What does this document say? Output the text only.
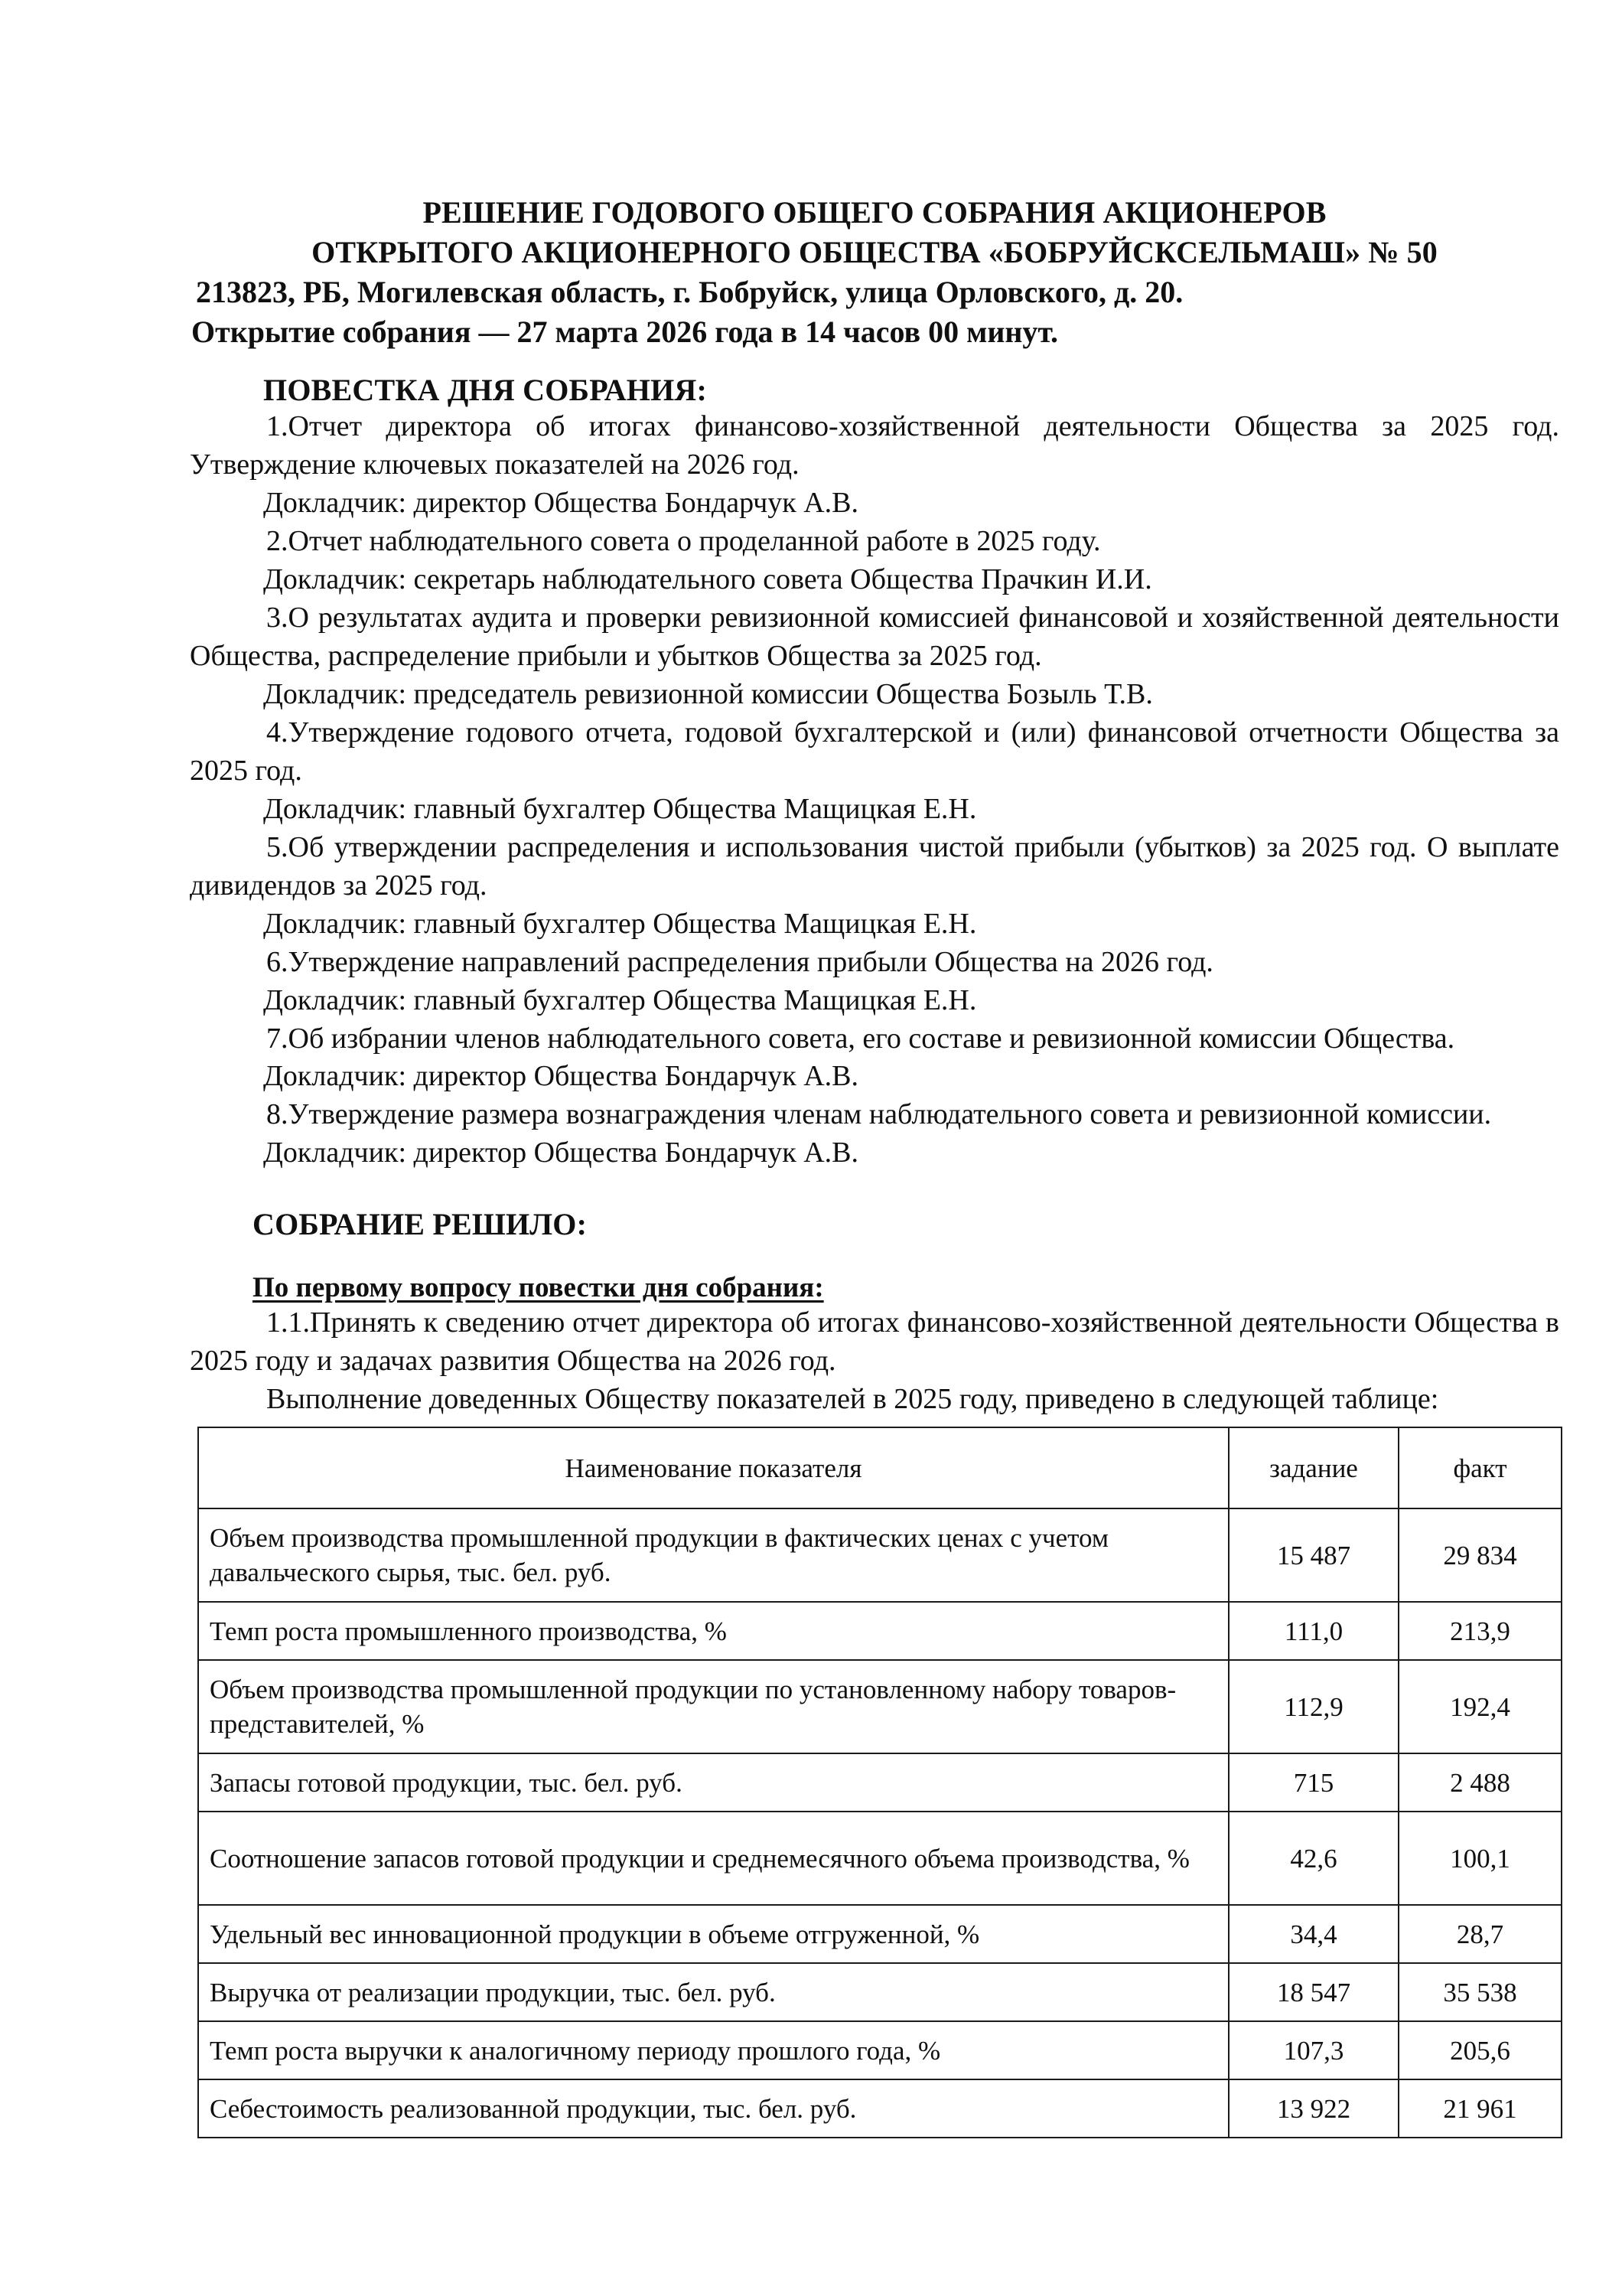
РЕШЕНИЕ ГОДОВОГО ОБЩЕГО СОБРАНИЯ АКЦИОНЕРОВ
ОТКРЫТОГО АКЦИОНЕРНОГО ОБЩЕСТВА «БОБРУЙСКСЕЛЬМАШ» № 50

213823, РБ, Могилевская область, г. Бобруйск, улица Орловского, д. 20.

Открытие собрания — 27 марта 2026 года в 14 часов 00 минут.

ПОВЕСТКА ДНЯ СОБРАНИЯ:

1.Отчет директора об итогах финансово-хозяйственной деятельности Общества за 2025 год. Утверждение ключевых показателей на 2026 год.

Докладчик: директор Общества Бондарчук А.В.

2.Отчет наблюдательного совета о проделанной работе в 2025 году.

Докладчик: секретарь наблюдательного совета Общества Прачкин И.И.

3.О результатах аудита и проверки ревизионной комиссией финансовой и хозяйственной деятельности Общества, распределение прибыли и убытков Общества за 2025 год.

Докладчик: председатель ревизионной комиссии Общества Бозыль Т.В.

4.Утверждение годового отчета, годовой бухгалтерской и (или) финансовой отчетности Общества за 2025 год.

Докладчик: главный бухгалтер Общества Мащицкая Е.Н.

5.Об утверждении распределения и использования чистой прибыли (убытков) за 2025 год. О выплате дивидендов за 2025 год.

Докладчик: главный бухгалтер Общества Мащицкая Е.Н.

6.Утверждение направлений распределения прибыли Общества на 2026 год.

Докладчик: главный бухгалтер Общества Мащицкая Е.Н.

7.Об избрании членов наблюдательного совета, его составе и ревизионной комиссии Общества.

Докладчик: директор Общества Бондарчук А.В.

8.Утверждение размера вознаграждения членам наблюдательного совета и ревизионной комиссии.

Докладчик: директор Общества Бондарчук А.В.

СОБРАНИЕ РЕШИЛО:
По первому вопросу повестки дня собрания:

1.1.Принять к сведению отчет директора об итогах финансово-хозяйственной деятельности Общества в 2025 году и задачах развития Общества на 2026 год.

Выполнение доведенных Обществу показателей в 2025 году, приведено в следующей таблице:

Наименование показателя	задание	факт
Объем производства промышленной продукции в фактических ценах с учетом давальческого сырья, тыс. бел. руб.	15 487	29 834
Темп роста промышленного производства, %	111,0	213,9
Объем производства промышленной продукции по установленному набору товаров-представителей, %	112,9	192,4
Запасы готовой продукции, тыс. бел. руб.	715	2 488
Соотношение запасов готовой продукции и среднемесячного объема производства, %	42,6	100,1
Удельный вес инновационной продукции в объеме отгруженной, %	34,4	28,7
Выручка от реализации продукции, тыс. бел. руб.	18 547	35 538
Темп роста выручки к аналогичному периоду прошлого года, %	107,3	205,6
Себестоимость реализованной продукции, тыс. бел. руб.	13 922	21 961
